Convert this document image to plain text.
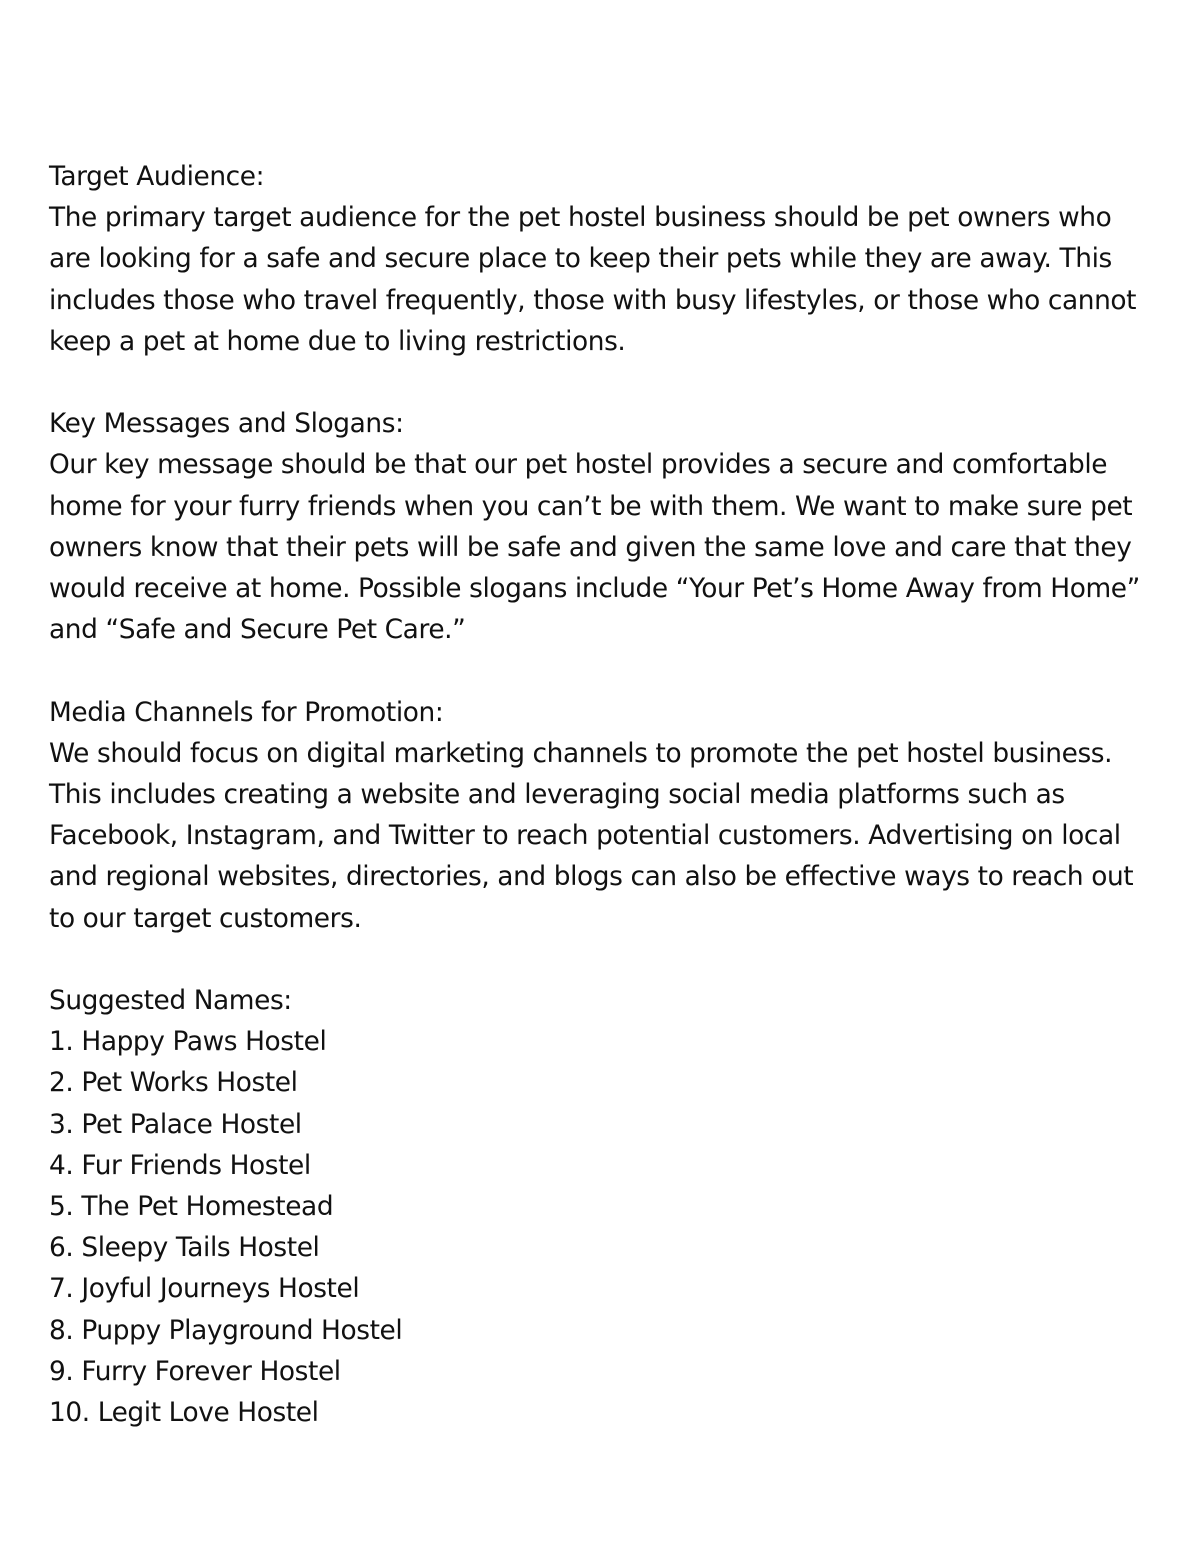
Target Audience:

The primary target audience for the pet hostel business should be pet owners who are looking for a safe and secure place to keep their pets while they are away. This includes those who travel frequently, those with busy lifestyles, or those who cannot keep a pet at home due to living restrictions.

Key Messages and Slogans:

Our key message should be that our pet hostel provides a secure and comfortable home for your furry friends when you can’t be with them. We want to make sure pet owners know that their pets will be safe and given the same love and care that they would receive at home. Possible slogans include “Your Pet’s Home Away from Home” and “Safe and Secure Pet Care.”

Media Channels for Promotion:

We should focus on digital marketing channels to promote the pet hostel business. This includes creating a website and leveraging social media platforms such as Facebook, Instagram, and Twitter to reach potential customers. Advertising on local and regional websites, directories, and blogs can also be effective ways to reach out to our target customers.

Suggested Names:

1. Happy Paws Hostel
2. Pet Works Hostel
3. Pet Palace Hostel
4. Fur Friends Hostel
5. The Pet Homestead
6. Sleepy Tails Hostel
7. Joyful Journeys Hostel
8. Puppy Playground Hostel
9. Furry Forever Hostel
10. Legit Love Hostel
